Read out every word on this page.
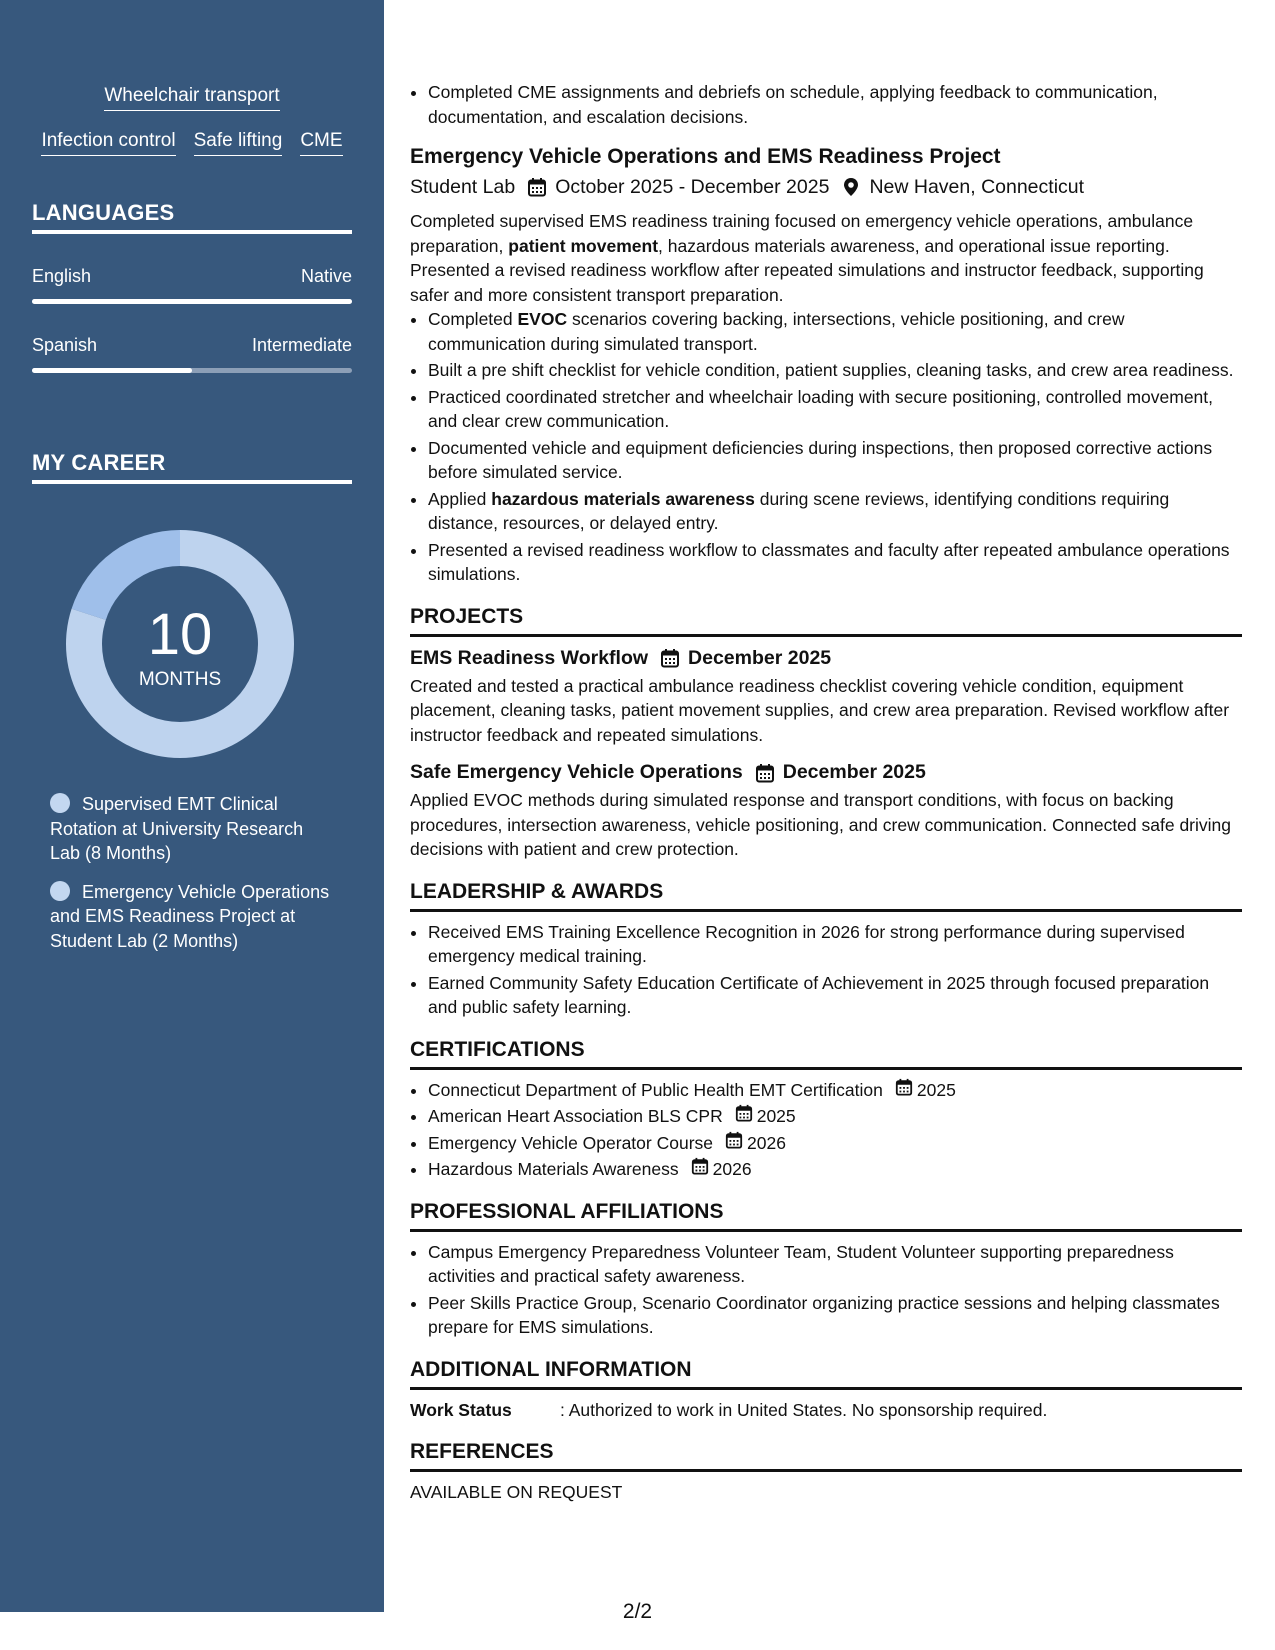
Wheelchair transport
Infection control Safe lifting CME
LANGUAGES
English	Native
Spanish	Intermediate
MY CAREER
10
MONTHS
Supervised EMT Clinical Rotation at University Research Lab (8 Months)
Emergency Vehicle Operations and EMS Readiness Project at Student Lab (2 Months)
• Completed CME assignments and debriefs on schedule, applying feedback to communication, documentation, and escalation decisions.
Emergency Vehicle Operations and EMS Readiness Project
Student Lab October 2025 - December 2025 New Haven, Connecticut
Completed supervised EMS readiness training focused on emergency vehicle operations, ambulance preparation, patient movement, hazardous materials awareness, and operational issue reporting. Presented a revised readiness workflow after repeated simulations and instructor feedback, supporting safer and more consistent transport preparation.
• Completed EVOC scenarios covering backing, intersections, vehicle positioning, and crew communication during simulated transport.
• Built a pre shift checklist for vehicle condition, patient supplies, cleaning tasks, and crew area readiness.
• Practiced coordinated stretcher and wheelchair loading with secure positioning, controlled movement, and clear crew communication.
• Documented vehicle and equipment deficiencies during inspections, then proposed corrective actions before simulated service.
• Applied hazardous materials awareness during scene reviews, identifying conditions requiring distance, resources, or delayed entry.
• Presented a revised readiness workflow to classmates and faculty after repeated ambulance operations simulations.
PROJECTS
EMS Readiness Workflow December 2025
Created and tested a practical ambulance readiness checklist covering vehicle condition, equipment placement, cleaning tasks, patient movement supplies, and crew area preparation. Revised workflow after instructor feedback and repeated simulations.
Safe Emergency Vehicle Operations December 2025
Applied EVOC methods during simulated response and transport conditions, with focus on backing procedures, intersection awareness, vehicle positioning, and crew communication. Connected safe driving decisions with patient and crew protection.
LEADERSHIP & AWARDS
• Received EMS Training Excellence Recognition in 2026 for strong performance during supervised emergency medical training.
• Earned Community Safety Education Certificate of Achievement in 2025 through focused preparation and public safety learning.
CERTIFICATIONS
• Connecticut Department of Public Health EMT Certification 2025
• American Heart Association BLS CPR 2025
• Emergency Vehicle Operator Course 2026
• Hazardous Materials Awareness 2026
PROFESSIONAL AFFILIATIONS
• Campus Emergency Preparedness Volunteer Team, Student Volunteer supporting preparedness activities and practical safety awareness.
• Peer Skills Practice Group, Scenario Coordinator organizing practice sessions and helping classmates prepare for EMS simulations.
ADDITIONAL INFORMATION
Work Status	: Authorized to work in United States. No sponsorship required.
REFERENCES
AVAILABLE ON REQUEST
2/2
